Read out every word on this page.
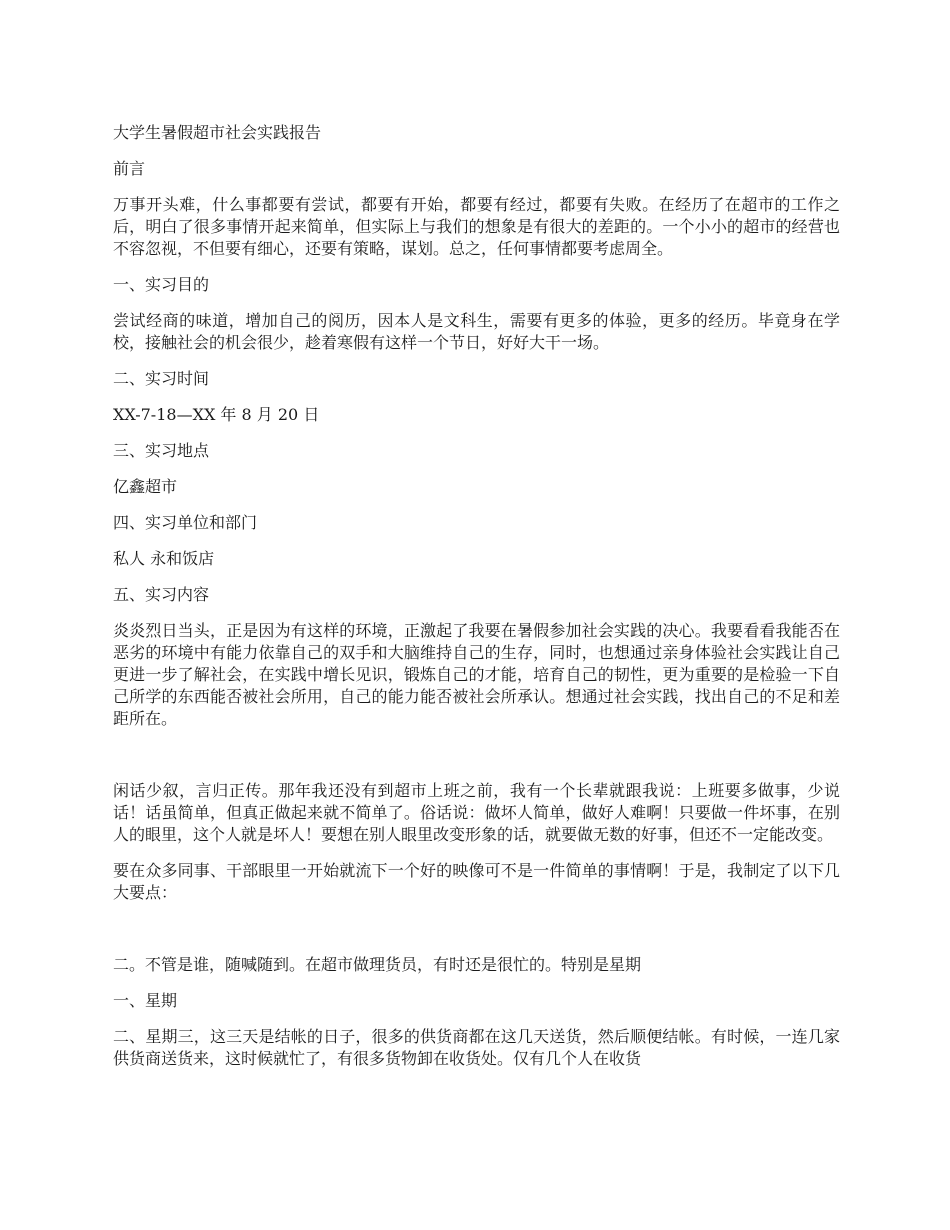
大学生暑假超市社会实践报告

前言

万事开头难，什么事都要有尝试，都要有开始，都要有经过，都要有失败。在经历了在超市的工作之后，明白了很多事情开起来简单，但实际上与我们的想象是有很大的差距的。一个小小的超市的经营也不容忽视，不但要有细心，还要有策略，谋划。总之，任何事情都要考虑周全。

一、实习目的

尝试经商的味道，增加自己的阅历，因本人是文科生，需要有更多的体验，更多的经历。毕竟身在学校，接触社会的机会很少，趁着寒假有这样一个节日，好好大干一场。

二、实习时间

XX-7-18—XX 年 8 月 20 日

三、实习地点

亿鑫超市

四、实习单位和部门

私人 永和饭店

五、实习内容

炎炎烈日当头，正是因为有这样的环境，正激起了我要在暑假参加社会实践的决心。我要看看我能否在恶劣的环境中有能力依靠自己的双手和大脑维持自己的生存，同时，也想通过亲身体验社会实践让自己更进一步了解社会，在实践中增长见识，锻炼自己的才能，培育自己的韧性，更为重要的是检验一下自己所学的东西能否被社会所用，自己的能力能否被社会所承认。想通过社会实践，找出自己的不足和差距所在。

闲话少叙，言归正传。那年我还没有到超市上班之前，我有一个长辈就跟我说：上班要多做事，少说话！话虽简单，但真正做起来就不简单了。俗话说：做坏人简单，做好人难啊！只要做一件坏事，在别人的眼里，这个人就是坏人！要想在别人眼里改变形象的话，就要做无数的好事，但还不一定能改变。

要在众多同事、干部眼里一开始就流下一个好的映像可不是一件简单的事情啊！于是，我制定了以下几大要点：

二。不管是谁，随喊随到。在超市做理货员，有时还是很忙的。特别是星期

一、星期

二、星期三，这三天是结帐的日子，很多的供货商都在这几天送货，然后顺便结帐。有时候，一连几家供货商送货来，这时候就忙了，有很多货物卸在收货处。仅有几个人在收货
